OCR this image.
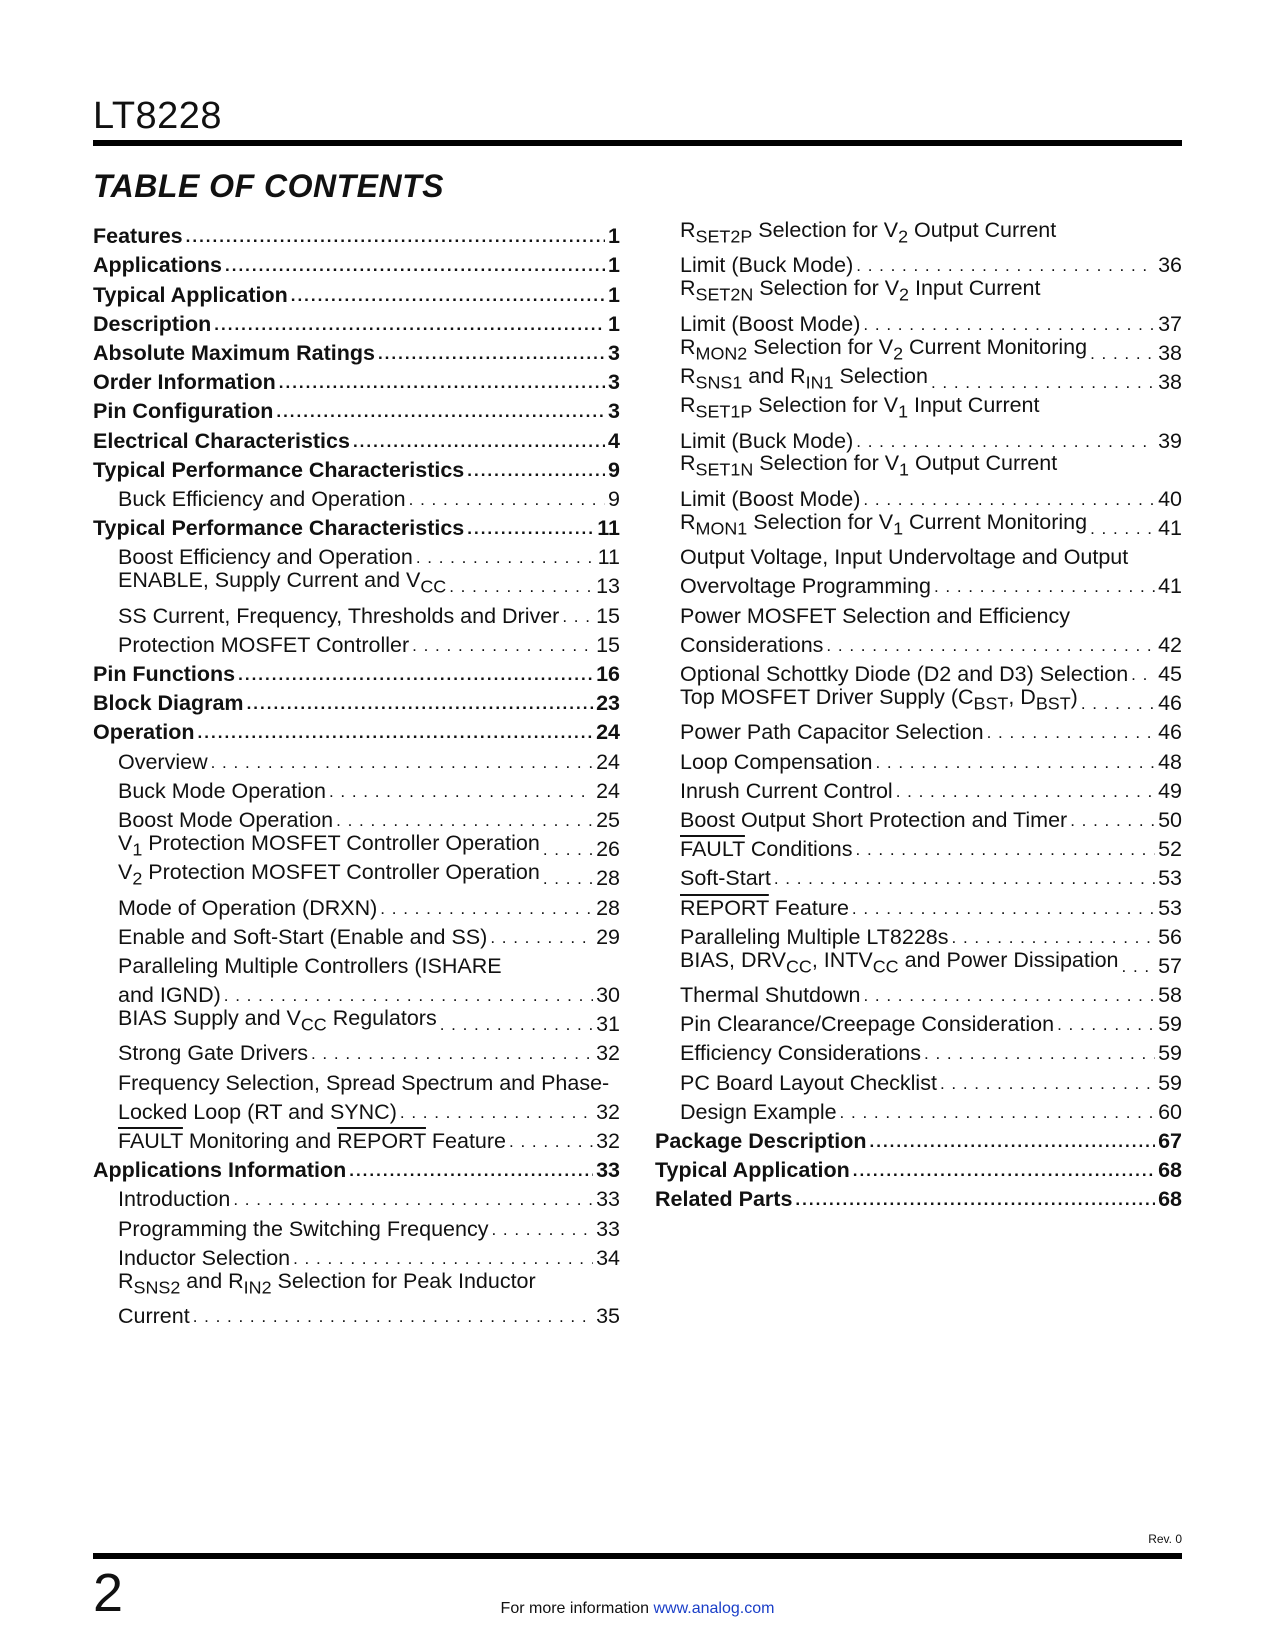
LT8228
TABLE OF CONTENTS
Features .....	1
Applications .....	1
Typical Application .....	1
Description .....	1
Absolute Maximum Ratings .....	3
Order Information .....	3
Pin Configuration .....	3
Electrical Characteristics .....	4
Typical Performance Characteristics .....	9
Buck Efficiency and Operation . . .	9
Typical Performance Characteristics .....	11
Boost Efficiency and Operation . . .	11
ENABLE, Supply Current and $V_{CC}$ . . .	13
SS Current, Frequency, Thresholds and Driver . . . 15
Protection MOSFET Controller . . .	15
Pin Functions .....	16
Block Diagram .....	23
Operation .....	24
Overview . . .	24
Buck Mode Operation . . .	24
Boost Mode Operation . . .	25
$V_1$ Protection MOSFET Controller Operation . . .	26
$V_2$ Protection MOSFET Controller Operation . . .	28
Mode of Operation (DRXN) . . .	28
Enable and Soft-Start (Enable and SS) . . .	29
Paralleling Multiple Controllers (ISHARE
and IGND) . . .	30
BIAS Supply and $V_{CC}$ Regulators . . .	31
Strong Gate Drivers . . .	32
Frequency Selection, Spread Spectrum and Phase-
Locked Loop (RT and SYNC) . . .	32
FAULT Monitoring and REPORT Feature . . .	32
Applications Information .....	33
Introduction . . .	33
Programming the Switching Frequency . . .	33
Inductor Selection . . .	34
$R_{SNS2}$ and $R_{IN2}$ Selection for Peak Inductor
Current . . .	35
$R_{SET2P}$ Selection for $V_2$ Output Current
Limit (Buck Mode) . . .	36
$R_{SET2N}$ Selection for $V_2$ Input Current
Limit (Boost Mode) . . .	37
$R_{MON2}$ Selection for $V_2$ Current Monitoring . . .	38
$R_{SNS1}$ and $R_{IN1}$ Selection . . .	38
$R_{SET1P}$ Selection for $V_1$ Input Current
Limit (Buck Mode) . . .	39
$R_{SET1N}$ Selection for $V_1$ Output Current
Limit (Boost Mode) . . .	40
$R_{MON1}$ Selection for $V_1$ Current Monitoring . . .	41
Output Voltage, Input Undervoltage and Output
Overvoltage Programming . . .	41
Power MOSFET Selection and Efficiency
Considerations . . .	42
Optional Schottky Diode (D2 and D3) Selection . . . 45
Top MOSFET Driver Supply ($C_{BST}$, $D_{BST}$) . . .	46
Power Path Capacitor Selection . . .	46
Loop Compensation . . .	48
Inrush Current Control . . .	49
Boost Output Short Protection and Timer . . .	50
FAULT Conditions . . .	52
Soft-Start . . .	53
REPORT Feature . . .	53
Paralleling Multiple LT8228s . . .	56
BIAS, $DRV_{CC}$, $INTV_{CC}$ and Power Dissipation . . . 57
Thermal Shutdown . . .	58
Pin Clearance/Creepage Consideration . . .	59
Efficiency Considerations . . .	59
PC Board Layout Checklist . . .	59
Design Example . . .	60
Package Description .....	67
Typical Application .....	68
Related Parts .....	68
Rev. 0
2	For more information www.analog.com
